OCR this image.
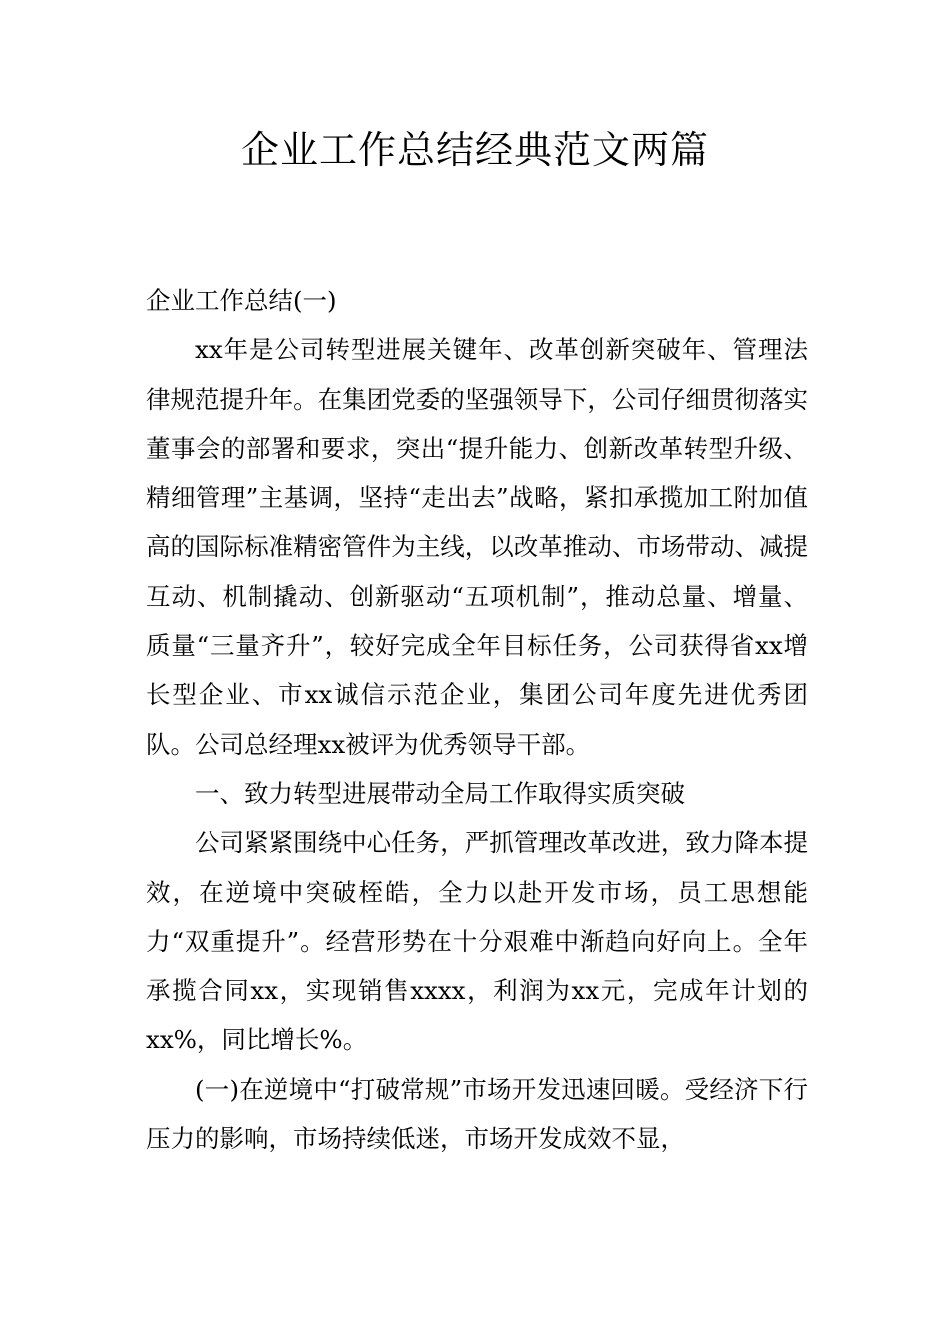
企业工作总结经典范文两篇

企业工作总结(一)

xx年是公司转型进展关键年、改革创新突破年、管理法律规范提升年。在集团党委的坚强领导下，公司仔细贯彻落实董事会的部署和要求，突出“提升能力、创新改革转型升级、精细管理”主基调，坚持“走出去”战略，紧扣承揽加工附加值高的国际标准精密管件为主线，以改革推动、市场带动、减提互动、机制撬动、创新驱动“五项机制”，推动总量、增量、质量“三量齐升”，较好完成全年目标任务，公司获得省xx增长型企业、市xx诚信示范企业，集团公司年度先进优秀团队。公司总经理xx被评为优秀领导干部。

一、致力转型进展带动全局工作取得实质突破

公司紧紧围绕中心任务，严抓管理改革改进，致力降本提效，在逆境中突破桎皓，全力以赴开发市场，员工思想能力“双重提升”。经营形势在十分艰难中渐趋向好向上。全年承揽合同xx，实现销售xxxx，利润为xx元，完成年计划的xx%，同比增长%。

(一)在逆境中“打破常规”市场开发迅速回暖。受经济下行压力的影响，市场持续低迷，市场开发成效不显，
